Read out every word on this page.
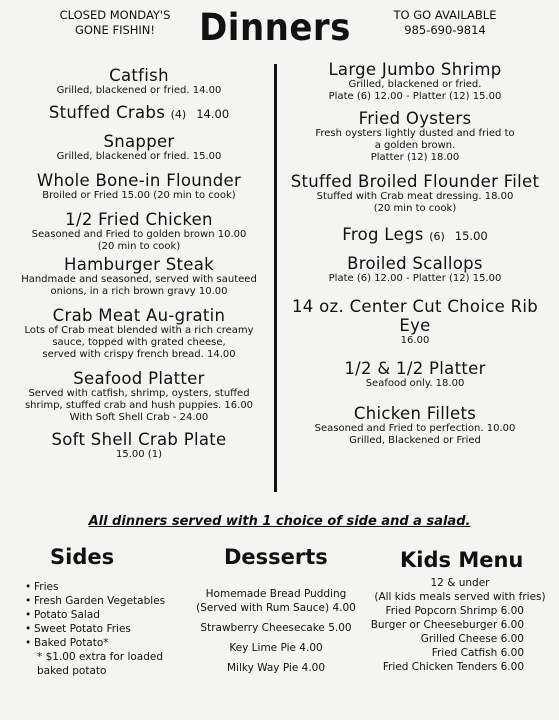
CLOSED MONDAY'S
GONE FISHIN!	Dinners	TO GO AVAILABLE
985-690-9814
Catfish
Grilled, blackened or fried. 14.00
Stuffed Crabs (4) 14.00
Snapper
Grilled, blackened or fried. 15.00
Whole Bone-in Flounder
Broiled or Fried 15.00 (20 min to cook)
1/2 Fried Chicken
Seasoned and Fried to golden brown 10.00
(20 min to cook)
Hamburger Steak
Handmade and seasoned, served with sauteed
onions, in a rich brown gravy 10.00
Crab Meat Au-gratin
Lots of Crab meat blended with a rich creamy
sauce, topped with grated cheese,
served with crispy french bread. 14.00
Seafood Platter
Served with catfish, shrimp, oysters, stuffed
shrimp, stuffed crab and hush puppies. 16.00
With Soft Shell Crab - 24.00
Soft Shell Crab Plate
15.00 (1)
Large Jumbo Shrimp
Grilled, blackened or fried.
Plate (6) 12.00 - Platter (12) 15.00
Fried Oysters
Fresh oysters lightly dusted and fried to
a golden brown.
Platter (12) 18.00
Stuffed Broiled Flounder Filet
Stuffed with Crab meat dressing. 18.00
(20 min to cook)
Frog Legs (6) 15.00
Broiled Scallops
Plate (6) 12.00 - Platter (12) 15.00
14 oz. Center Cut Choice Rib Eye
16.00
1/2 & 1/2 Platter
Seafood only. 18.00
Chicken Fillets
Seasoned and Fried to perfection. 10.00
Grilled, Blackened or Fried
All dinners served with 1 choice of side and a salad.
Sides
• Fries
• Fresh Garden Vegetables
• Potato Salad
• Sweet Potato Fries
• Baked Potato*
* $1.00 extra for loaded
baked potato
Desserts
Homemade Bread Pudding
(Served with Rum Sauce) 4.00
Strawberry Cheesecake 5.00
Key Lime Pie 4.00
Milky Way Pie 4.00
Kids Menu
12 & under
(All kids meals served with fries)
Fried Popcorn Shrimp 6.00
Burger or Cheeseburger 6.00
Grilled Cheese 6.00
Fried Catfish 6.00
Fried Chicken Tenders 6.00
